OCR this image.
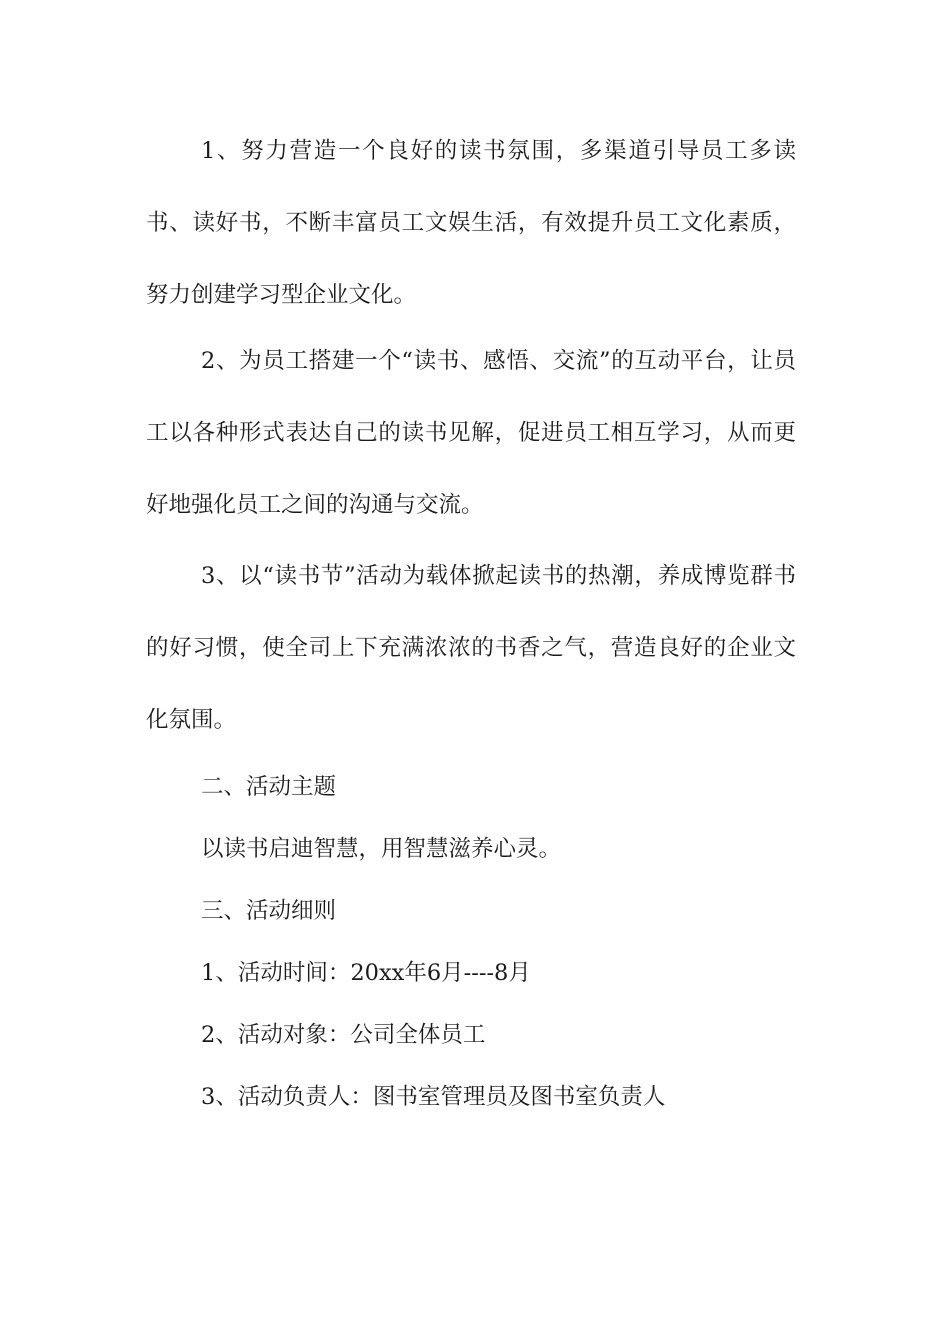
1、努力营造一个良好的读书氛围，多渠道引导员工多读书、读好书，不断丰富员工文娱生活，有效提升员工文化素质，努力创建学习型企业文化。

2、为员工搭建一个“读书、感悟、交流”的互动平台，让员工以各种形式表达自己的读书见解，促进员工相互学习，从而更好地强化员工之间的沟通与交流。

3、以“读书节”活动为载体掀起读书的热潮，养成博览群书的好习惯，使全司上下充满浓浓的书香之气，营造良好的企业文化氛围。

二、活动主题

以读书启迪智慧，用智慧滋养心灵。

三、活动细则

1、活动时间：20xx年6月----8月

2、活动对象：公司全体员工

3、活动负责人：图书室管理员及图书室负责人
